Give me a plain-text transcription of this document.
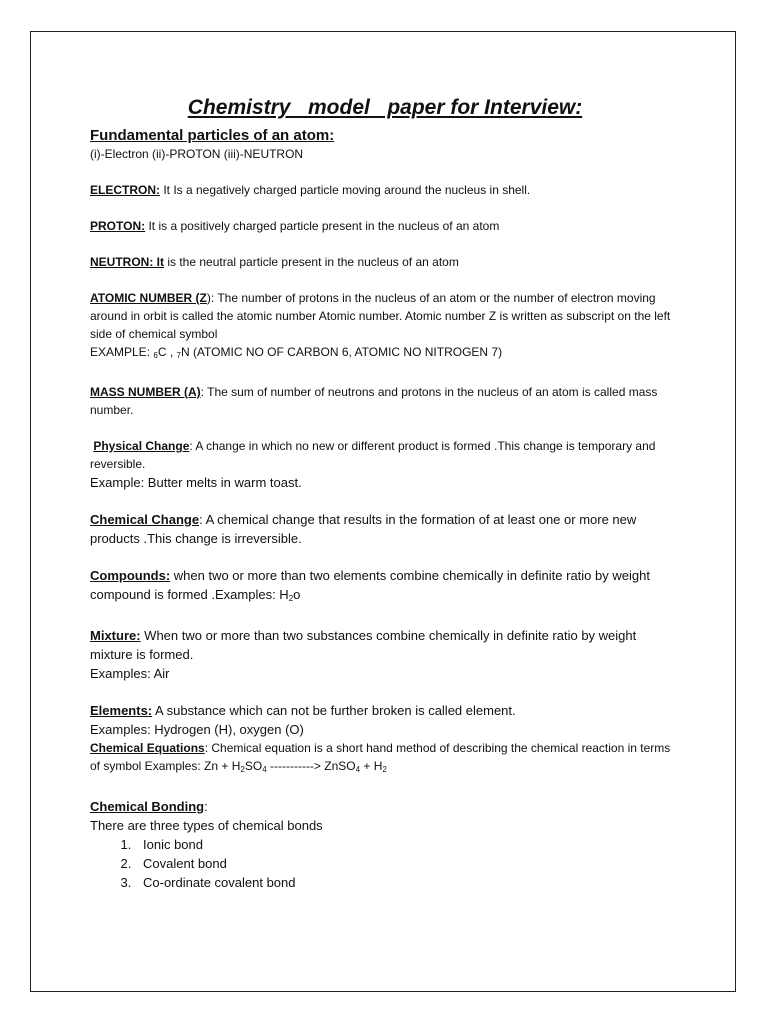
Chemistry   model   paper for Interview:

Fundamental particles of an atom:

(i)-Electron (ii)-PROTON (iii)-NEUTRON

ELECTRON: It Is a negatively charged particle moving around the nucleus in shell.

PROTON: It is a positively charged particle present in the nucleus of an atom

NEUTRON: It is the neutral particle present in the nucleus of an atom

ATOMIC NUMBER (Z): The number of protons in the nucleus of an atom or the number of electron moving around in orbit is called the atomic number Atomic number. Atomic number Z is written as subscript on the left side of chemical symbol

EXAMPLE: $_6$C , $_7$N (ATOMIC NO OF CARBON 6, ATOMIC NO NITROGEN 7)

MASS NUMBER (A): The sum of number of neutrons and protons in the nucleus of an atom is called mass number.

Physical Change: A change in which no new or different product is formed .This change is temporary and reversible.

Example: Butter melts in warm toast.

Chemical Change: A chemical change that results in the formation of at least one or more new products .This change is irreversible.

Compounds: when two or more than two elements combine chemically in definite ratio by weight compound is formed .Examples: $H_2o$

Mixture: When two or more than two substances combine chemically in definite ratio by weight mixture is formed.

Examples: Air

Elements: A substance which can not be further broken is called element.

Examples: Hydrogen (H), oxygen (O)

Chemical Equations: Chemical equation is a short hand method of describing the chemical reaction in terms of symbol Examples: $Zn + H_2SO_4$ -----------> ZnSO$_4$ + $H_2$

Chemical Bonding:

There are three types of chemical bonds

1. Ionic bond
2. Covalent bond
3. Co-ordinate covalent bond
